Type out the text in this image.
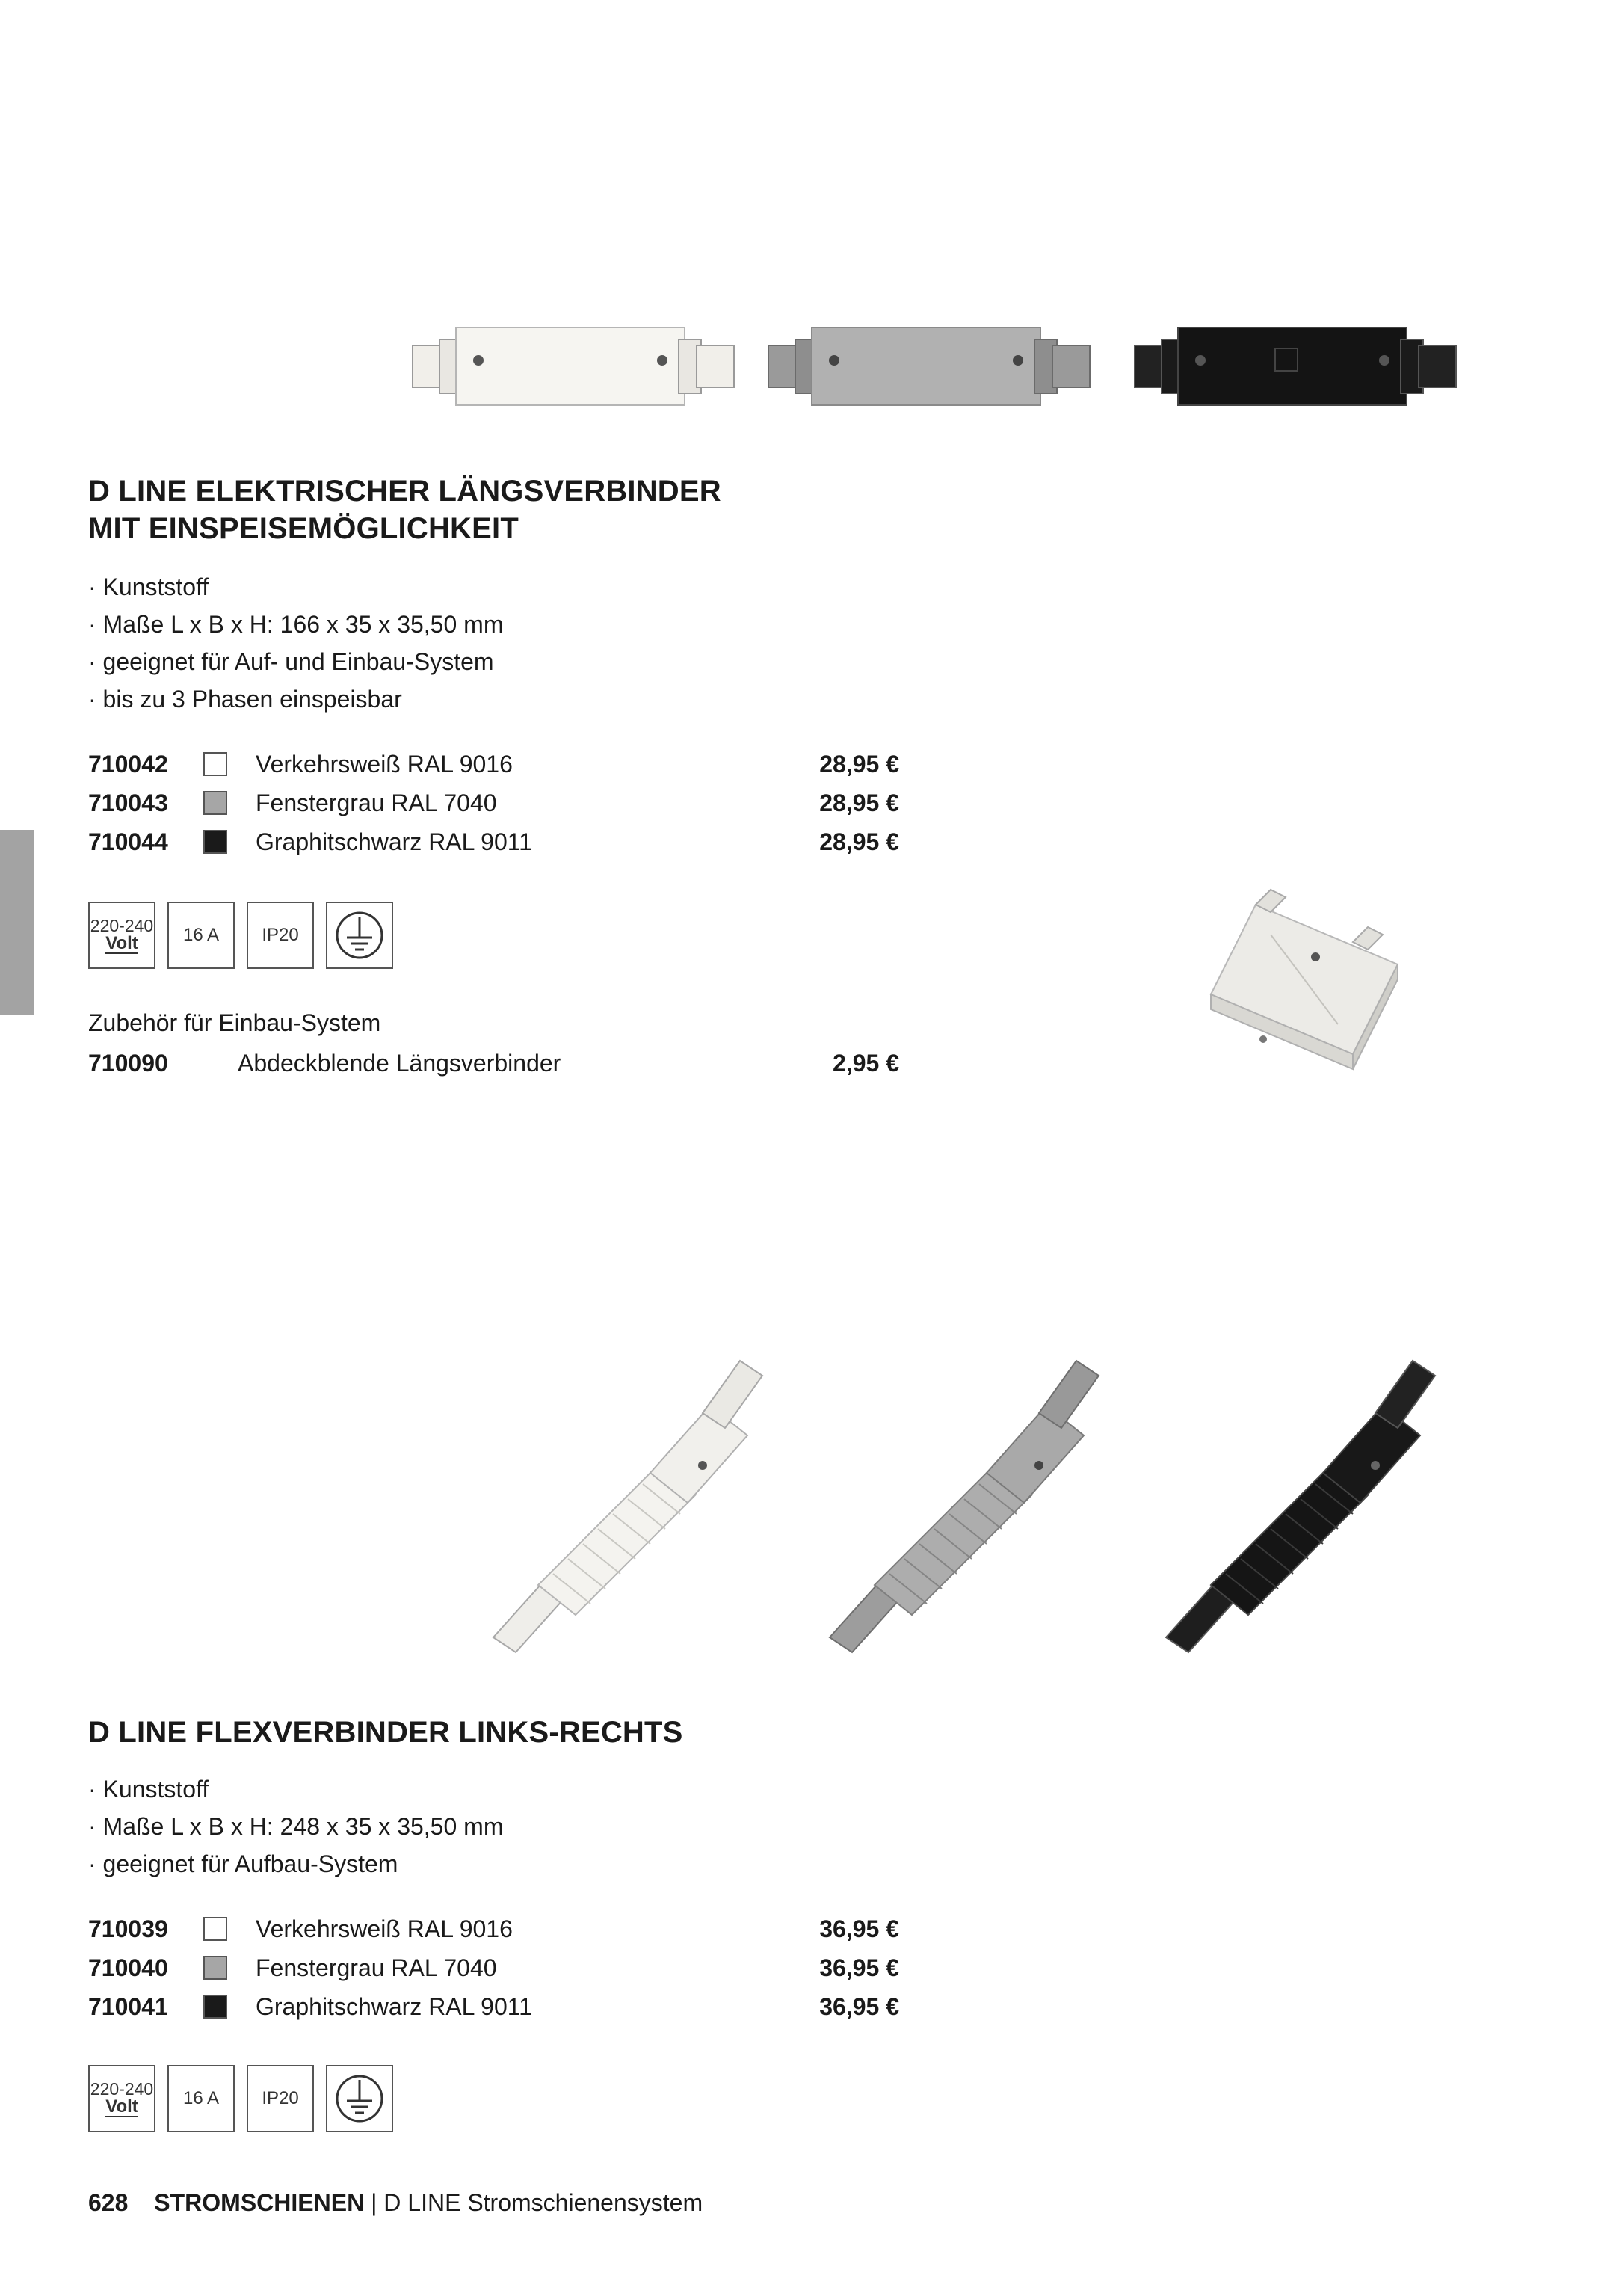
D LINE ELEKTRISCHER LÄNGSVERBINDER
MIT EINSPEISEMÖGLICHKEIT
· Kunststoff
· Maße L x B x H: 166 x 35 x 35,50 mm
· geeignet für Auf- und Einbau-System
· bis zu 3 Phasen einspeisbar
710042	Verkehrsweiß RAL 9016	28,95 €
710043	Fenstergrau RAL 7040	28,95 €
710044	Graphitschwarz RAL 9011	28,95 €
220-240
Volt	16 A IP20
Zubehör für Einbau-System
710090	Abdeckblende Längsverbinder	2,95 €
D LINE FLEXVERBINDER LINKS-RECHTS
· Kunststoff
· Maße L x B x H: 248 x 35 x 35,50 mm
· geeignet für Aufbau-System
710039	Verkehrsweiß RAL 9016	36,95 €
710040	Fenstergrau RAL 7040	36,95 €
710041	Graphitschwarz RAL 9011	36,95 €
220-240
Volt	16 A IP20
628 STROMSCHIENEN | D LINE Stromschienensystem
